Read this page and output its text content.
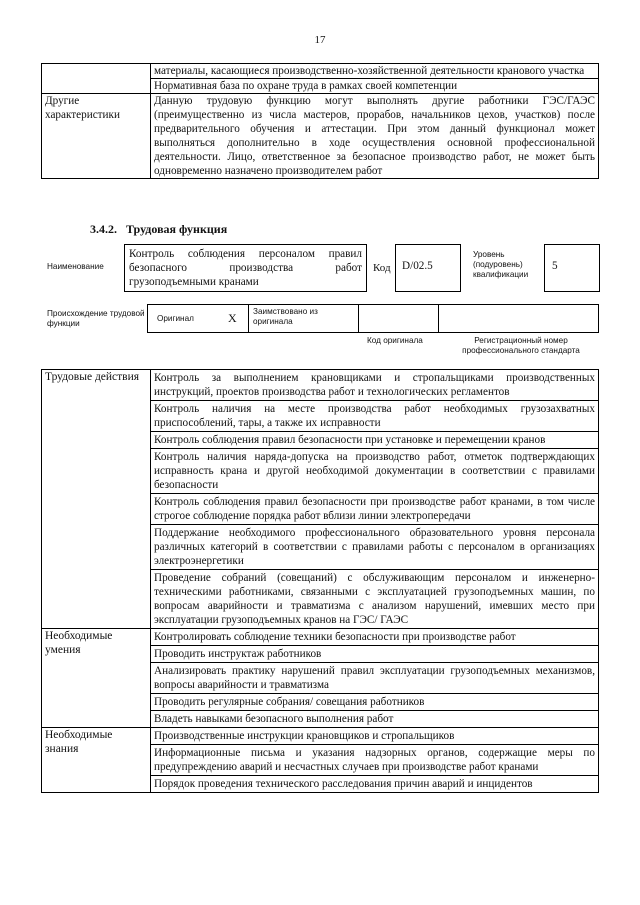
17
	материалы, касающиеся производственно-хозяйственной деятельности кранового участка
	Нормативная база по охране труда в рамках своей компетенции
Другие характеристики	Данную трудовую функцию могут выполнять другие работники ГЭС/ГАЭС (преимущественно из числа мастеров, прорабов, начальников цехов, участков) после предварительного обучения и аттестации. При этом данный функционал может выполняться дополнительно в ходе осуществления основной профессиональной деятельности. Лицо, ответственное за безопасное производство работ, не может быть одновременно назначено производителем работ
3.4.2. Трудовая функция
Наименование
Контроль соблюдения персоналом правил безопасного производства работ грузоподъемными кранами
Код	D/02.5
Уровень (подуровень) квалификации
5
Происхождение трудовой функции
Оригинал	X Заимствовано из оригинала
Код оригинала	Регистрационный номер профессионального стандарта
Трудовые действия	Контроль за выполнением крановщиками и стропальщиками производственных инструкций, проектов производства работ и технологических регламентов
	Контроль наличия на месте производства работ необходимых грузозахватных приспособлений, тары, а также их исправности
	Контроль соблюдения правил безопасности при установке и перемещении кранов
	Контроль наличия наряда-допуска на производство работ, отметок подтверждающих исправность крана и другой необходимой документации в соответствии с правилами безопасности
	Контроль соблюдения правил безопасности при производстве работ кранами, в том числе строгое соблюдение порядка работ вблизи линии электропередачи
	Поддержание необходимого профессионального образовательного уровня персонала различных категорий в соответствии с правилами работы с персоналом в организациях электроэнергетики
	Проведение собраний (совещаний) с обслуживающим персоналом и инженерно-техническими работниками, связанными с эксплуатацией грузоподъемных машин, по вопросам аварийности и травматизма с анализом нарушений, имевших место при эксплуатации грузоподъемных кранов на ГЭС/ ГАЭС
Необходимые умения	Контролировать соблюдение техники безопасности при производстве работ
	Проводить инструктаж работников
	Анализировать практику нарушений правил эксплуатации грузоподъемных механизмов, вопросы аварийности и травматизма
	Проводить регулярные собрания/ совещания работников
	Владеть навыками безопасного выполнения работ
Необходимые знания	Производственные инструкции крановщиков и стропальщиков
	Информационные письма и указания надзорных органов, содержащие меры по предупреждению аварий и несчастных случаев при производстве работ кранами
	Порядок проведения технического расследования причин аварий и инцидентов
